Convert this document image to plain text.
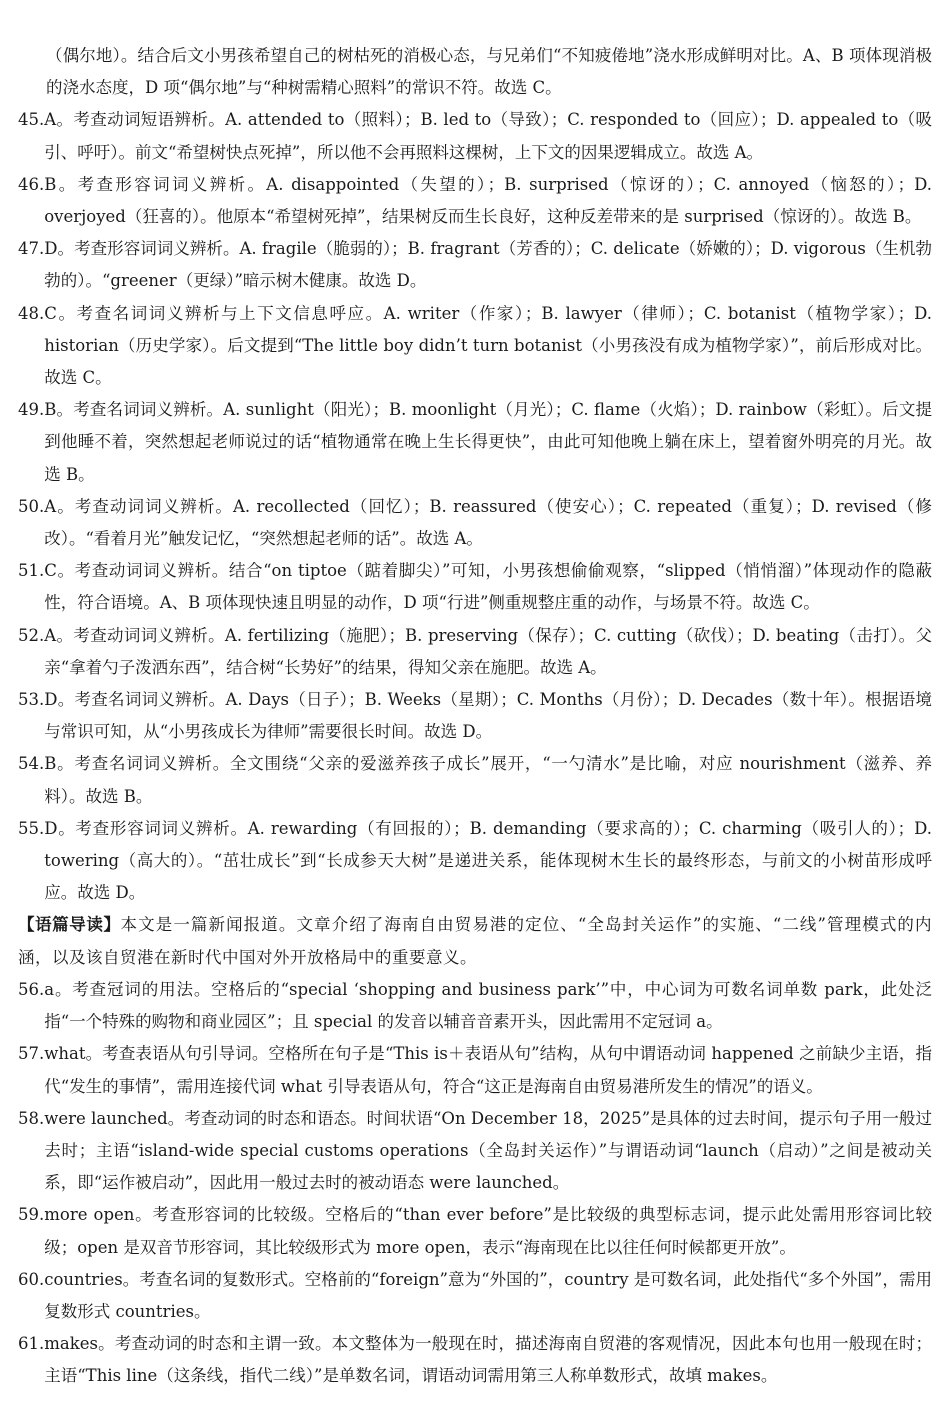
（偶尔地）。结合后文小男孩希望自己的树枯死的消极心态，与兄弟们“不知疲倦地”浇水形成鲜明对比。A、B 项体现消极的浇水态度，D 项“偶尔地”与“种树需精心照料”的常识不符。故选 C。

45. A。考查动词短语辨析。A. attended to（照料）；B. led to（导致）；C. responded to（回应）；D. appealed to（吸引、呼吁）。前文“希望树快点死掉”，所以他不会再照料这棵树，上下文的因果逻辑成立。故选 A。
46. B。考查形容词词义辨析。A. disappointed（失望的）；B. surprised（惊讶的）；C. annoyed（恼怒的）；D. overjoyed（狂喜的）。他原本“希望树死掉”，结果树反而生长良好，这种反差带来的是 surprised（惊讶的）。故选 B。
47. D。考查形容词词义辨析。A. fragile（脆弱的）；B. fragrant（芳香的）；C. delicate（娇嫩的）；D. vigorous（生机勃勃的）。“greener（更绿）”暗示树木健康。故选 D。
48. C。考查名词词义辨析与上下文信息呼应。A. writer（作家）；B. lawyer（律师）；C. botanist（植物学家）；D. historian（历史学家）。后文提到“The little boy didn’t turn botanist（小男孩没有成为植物学家）”，前后形成对比。故选 C。
49. B。考查名词词义辨析。A. sunlight（阳光）；B. moonlight（月光）；C. flame（火焰）；D. rainbow（彩虹）。后文提到他睡不着，突然想起老师说过的话“植物通常在晚上生长得更快”，由此可知他晚上躺在床上，望着窗外明亮的月光。故选 B。
50. A。考查动词词义辨析。A. recollected（回忆）；B. reassured（使安心）；C. repeated（重复）；D. revised（修改）。“看着月光”触发记忆，“突然想起老师的话”。故选 A。
51. C。考查动词词义辨析。结合“on tiptoe（踮着脚尖）”可知，小男孩想偷偷观察，“slipped（悄悄溜）”体现动作的隐蔽性，符合语境。A、B 项体现快速且明显的动作，D 项“行进”侧重规整庄重的动作，与场景不符。故选 C。
52. A。考查动词词义辨析。A. fertilizing（施肥）；B. preserving（保存）；C. cutting（砍伐）；D. beating（击打）。父亲“拿着勺子泼洒东西”，结合树“长势好”的结果，得知父亲在施肥。故选 A。
53. D。考查名词词义辨析。A. Days（日子）；B. Weeks（星期）；C. Months（月份）；D. Decades（数十年）。根据语境与常识可知，从“小男孩成长为律师”需要很长时间。故选 D。
54. B。考查名词词义辨析。全文围绕“父亲的爱滋养孩子成长”展开，“一勺清水”是比喻，对应 nourishment（滋养、养料）。故选 B。
55. D。考查形容词词义辨析。A. rewarding（有回报的）；B. demanding（要求高的）；C. charming（吸引人的）；D. towering（高大的）。“茁壮成长”到“长成参天大树”是递进关系，能体现树木生长的最终形态，与前文的小树苗形成呼应。故选 D。

【语篇导读】本文是一篇新闻报道。文章介绍了海南自由贸易港的定位、“全岛封关运作”的实施、“二线”管理模式的内涵，以及该自贸港在新时代中国对外开放格局中的重要意义。

56. a。考查冠词的用法。空格后的“special ‘shopping and business park’”中，中心词为可数名词单数 park，此处泛指“一个特殊的购物和商业园区”；且 special 的发音以辅音音素开头，因此需用不定冠词 a。
57. what。考查表语从句引导词。空格所在句子是“This is＋表语从句”结构，从句中谓语动词 happened 之前缺少主语，指代“发生的事情”，需用连接代词 what 引导表语从句，符合“这正是海南自由贸易港所发生的情况”的语义。
58. were launched。考查动词的时态和语态。时间状语“On December 18，2025”是具体的过去时间，提示句子用一般过去时；主语“island-wide special customs operations（全岛封关运作）”与谓语动词“launch（启动）”之间是被动关系，即“运作被启动”，因此用一般过去时的被动语态 were launched。
59. more open。考查形容词的比较级。空格后的“than ever before”是比较级的典型标志词，提示此处需用形容词比较级；open 是双音节形容词，其比较级形式为 more open，表示“海南现在比以往任何时候都更开放”。
60. countries。考查名词的复数形式。空格前的“foreign”意为“外国的”，country 是可数名词，此处指代“多个外国”，需用复数形式 countries。
61. makes。考查动词的时态和主谓一致。本文整体为一般现在时，描述海南自贸港的客观情况，因此本句也用一般现在时；主语“This line（这条线，指代二线）”是单数名词，谓语动词需用第三人称单数形式，故填 makes。
